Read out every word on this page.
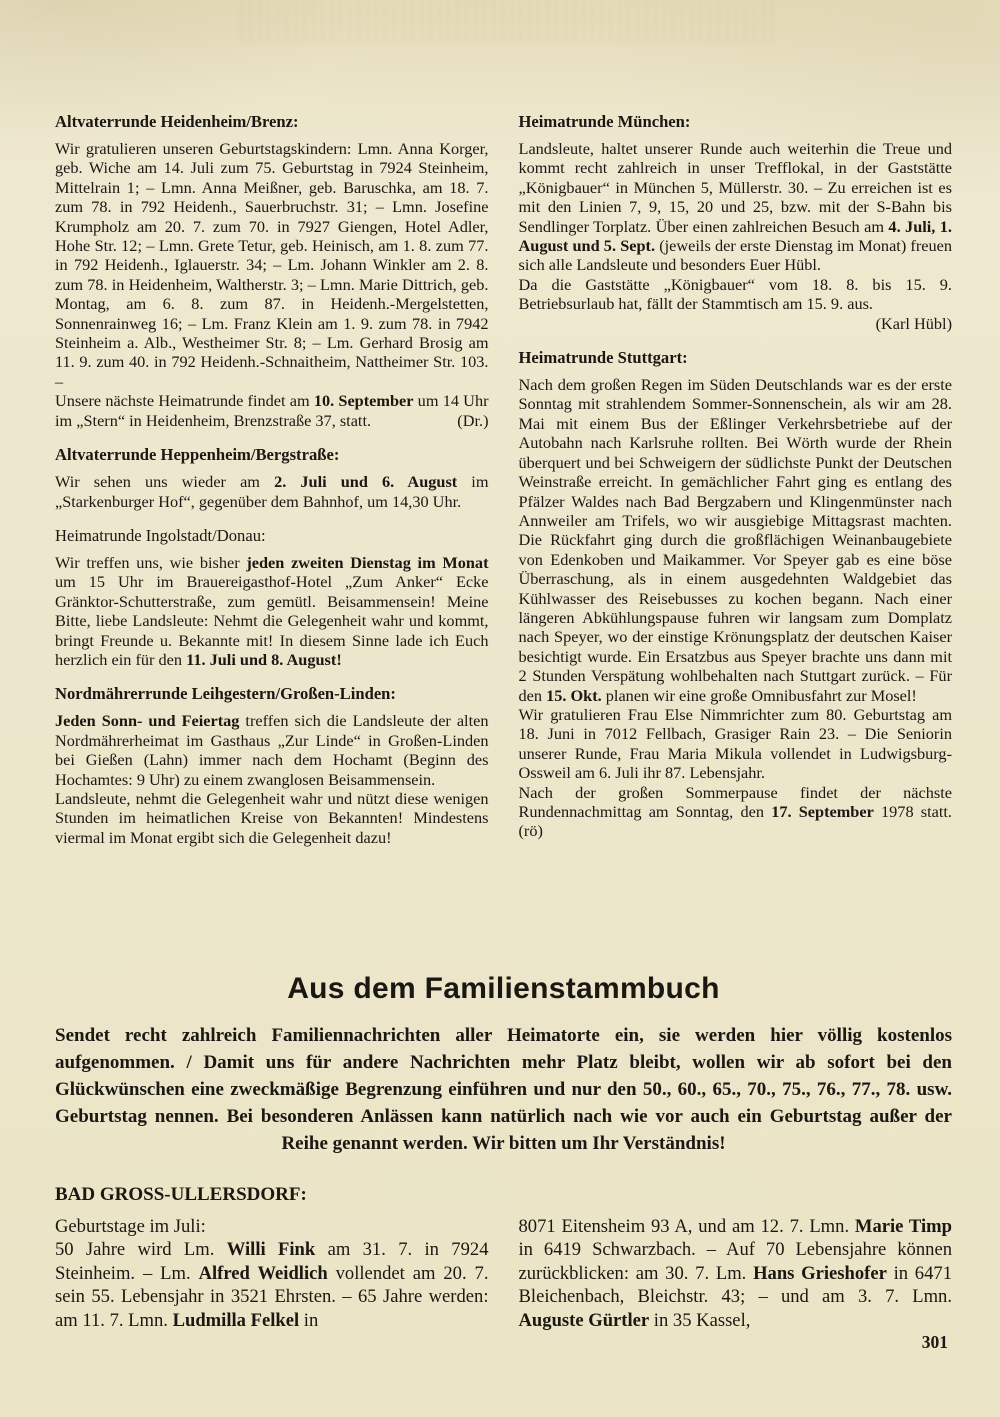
Altvaterrunde Heidenheim/Brenz:

Wir gratulieren unseren Geburtstagskindern: Lmn. Anna Korger, geb. Wiche am 14. Juli zum 75. Geburtstag in 7924 Steinheim, Mittelrain 1; – Lmn. Anna Meißner, geb. Baruschka, am 18. 7. zum 78. in 792 Heidenh., Sauerbruchstr. 31; – Lmn. Josefine Krumpholz am 20. 7. zum 70. in 7927 Giengen, Hotel Adler, Hohe Str. 12; – Lmn. Grete Tetur, geb. Heinisch, am 1. 8. zum 77. in 792 Heidenh., Iglauerstr. 34; – Lm. Johann Winkler am 2. 8. zum 78. in Heidenheim, Waltherstr. 3; – Lmn. Marie Dittrich, geb. Montag, am 6. 8. zum 87. in Heidenh.-Mergelstetten, Sonnenrainweg 16; – Lm. Franz Klein am 1. 9. zum 78. in 7942 Steinheim a. Alb., Westheimer Str. 8; – Lm. Gerhard Brosig am 11. 9. zum 40. in 792 Heidenh.-Schnaitheim, Nattheimer Str. 103. –

Unsere nächste Heimatrunde findet am 10. September um 14 Uhr im „Stern“ in Heidenheim, Brenzstraße 37, statt.	(Dr.)

Altvaterrunde Heppenheim/Bergstraße:

Wir sehen uns wieder am 2. Juli und 6. August im „Starkenburger Hof“, gegenüber dem Bahnhof, um 14,30 Uhr.

Heimatrunde Ingolstadt/Donau:

Wir treffen uns, wie bisher jeden zweiten Dienstag im Monat um 15 Uhr im Brauereigasthof-Hotel „Zum Anker“ Ecke Gränktor-Schutterstraße, zum gemütl. Beisammensein! Meine Bitte, liebe Landsleute: Nehmt die Gelegenheit wahr und kommt, bringt Freunde u. Bekannte mit! In diesem Sinne lade ich Euch herzlich ein für den 11. Juli und 8. August!

Nordmährerrunde Leihgestern/Großen-Linden:

Jeden Sonn- und Feiertag treffen sich die Landsleute der alten Nordmährerheimat im Gasthaus „Zur Linde“ in Großen-Linden bei Gießen (Lahn) immer nach dem Hochamt (Beginn des Hochamtes: 9 Uhr) zu einem zwanglosen Beisammensein.

Landsleute, nehmt die Gelegenheit wahr und nützt diese wenigen Stunden im heimatlichen Kreise von Bekannten! Mindestens viermal im Monat ergibt sich die Gelegenheit dazu!

Heimatrunde München:

Landsleute, haltet unserer Runde auch weiterhin die Treue und kommt recht zahlreich in unser Trefflokal, in der Gaststätte „Königbauer“ in München 5, Müllerstr. 30. – Zu erreichen ist es mit den Linien 7, 9, 15, 20 und 25, bzw. mit der S-Bahn bis Sendlinger Torplatz. Über einen zahlreichen Besuch am 4. Juli, 1. August und 5. Sept. (jeweils der erste Dienstag im Monat) freuen sich alle Landsleute und besonders Euer Hübl.

Da die Gaststätte „Königbauer“ vom 18. 8. bis 15. 9. Betriebsurlaub hat, fällt der Stammtisch am 15. 9. aus.

(Karl Hübl)

Heimatrunde Stuttgart:

Nach dem großen Regen im Süden Deutschlands war es der erste Sonntag mit strahlendem Sommer-Sonnenschein, als wir am 28. Mai mit einem Bus der Eßlinger Verkehrsbetriebe auf der Autobahn nach Karlsruhe rollten. Bei Wörth wurde der Rhein überquert und bei Schweigern der südlichste Punkt der Deutschen Weinstraße erreicht. In gemächlicher Fahrt ging es entlang des Pfälzer Waldes nach Bad Bergzabern und Klingenmünster nach Annweiler am Trifels, wo wir ausgiebige Mittagsrast machten. Die Rückfahrt ging durch die großflächigen Weinanbaugebiete von Edenkoben und Maikammer. Vor Speyer gab es eine böse Überraschung, als in einem ausgedehnten Waldgebiet das Kühlwasser des Reisebusses zu kochen begann. Nach einer längeren Abkühlungspause fuhren wir langsam zum Domplatz nach Speyer, wo der einstige Krönungsplatz der deutschen Kaiser besichtigt wurde. Ein Ersatzbus aus Speyer brachte uns dann mit 2 Stunden Verspätung wohlbehalten nach Stuttgart zurück. – Für den 15. Okt. planen wir eine große Omnibusfahrt zur Mosel!

Wir gratulieren Frau Else Nimmrichter zum 80. Geburtstag am 18. Juni in 7012 Fellbach, Grasiger Rain 23. – Die Seniorin unserer Runde, Frau Maria Mikula vollendet in Ludwigsburg-Ossweil am 6. Juli ihr 87. Lebensjahr.

Nach der großen Sommerpause findet der nächste Rundennachmittag am Sonntag, den 17. September 1978 statt. (rö)

Aus dem Familienstammbuch

Sendet recht zahlreich Familiennachrichten aller Heimatorte ein, sie werden hier völlig kostenlos aufgenommen. / Damit uns für andere Nachrichten mehr Platz bleibt, wollen wir ab sofort bei den Glückwünschen eine zweckmäßige Begrenzung einführen und nur den 50., 60., 65., 70., 75., 76., 77., 78. usw. Geburtstag nennen. Bei besonderen Anlässen kann natürlich nach wie vor auch ein Geburtstag außer der Reihe genannt werden. Wir bitten um Ihr Verständnis!

BAD GROSS-ULLERSDORF:

Geburtstage im Juli:

50 Jahre wird Lm. Willi Fink am 31. 7. in 7924 Steinheim. – Lm. Alfred Weidlich vollendet am 20. 7. sein 55. Lebensjahr in 3521 Ehrsten. – 65 Jahre werden: am 11. 7. Lmn. Ludmilla Felkel in

8071 Eitensheim 93 A, und am 12. 7. Lmn. Marie Timp in 6419 Schwarzbach. – Auf 70 Lebensjahre können zurückblicken: am 30. 7. Lm. Hans Grieshofer in 6471 Bleichenbach, Bleichstr. 43; – und am 3. 7. Lmn. Auguste Gürtler in 35 Kassel,

301
